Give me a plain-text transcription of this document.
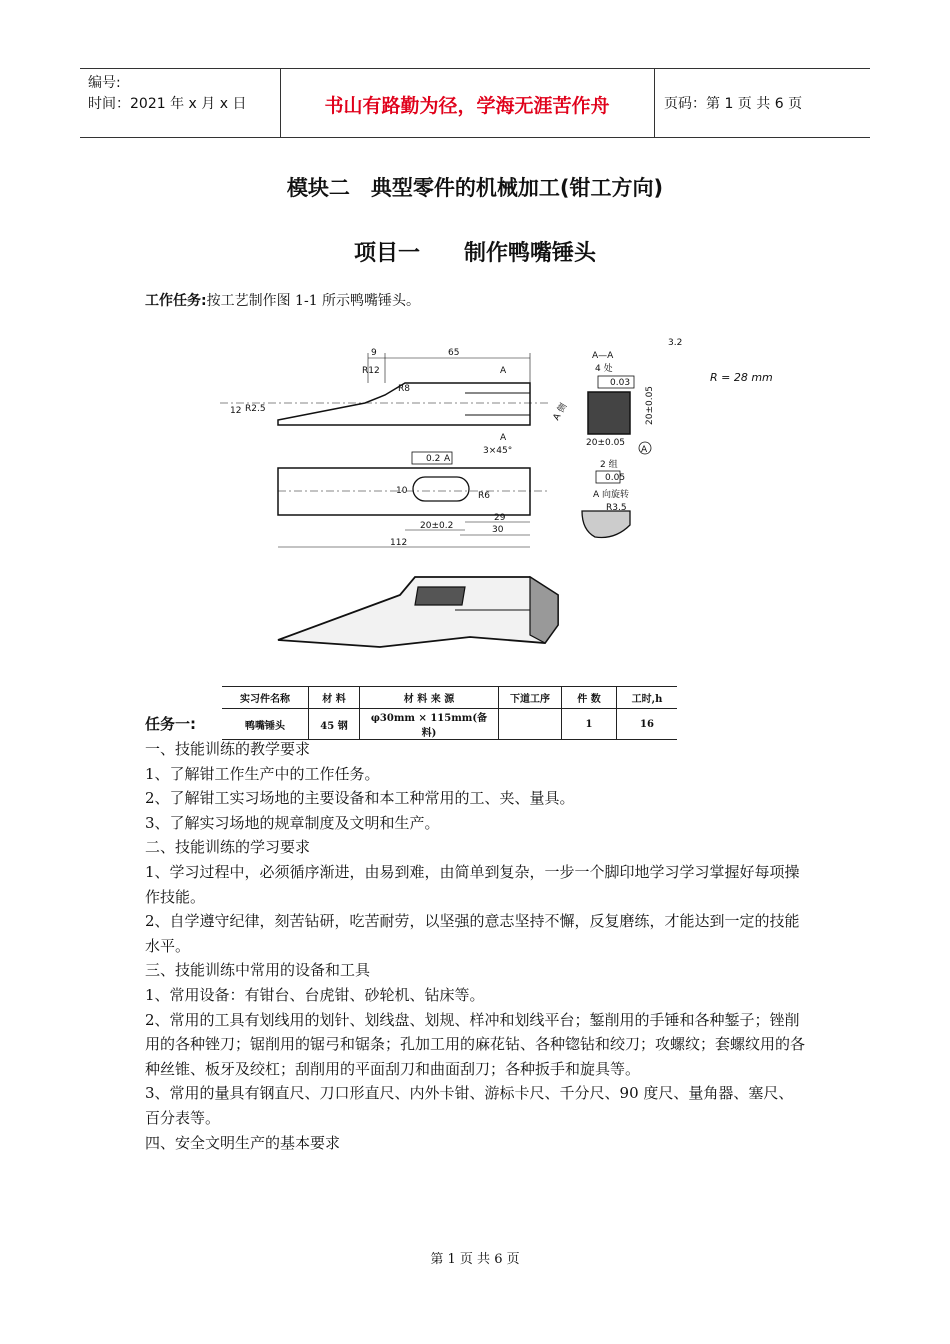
编号:
时间：2021 年 x 月 x 日	书山有路勤为径，学海无涯苦作舟	页码：第 1 页 共 6 页
模块二　典型零件的机械加工(钳工方向)
项目一　　制作鸭嘴锤头
工作任务:按工艺制作图 1-1 所示鸭嘴锤头。
9	65
R12
R8
R2.5
12
A
A
0.2 A
3×45°
10	R6
20±0.2
29
30
112
A—A
4 处
0.03
A 侧	20±0.05
20±0.05
2 组
0.05
A
A 向旋转
R3.5
3.2
R = 28 mm
实习件名称	材 料	材 料 来 源	下道工序	件 数	工时,h
鸭嘴锤头	45 钢	φ30mm × 115mm(备料)		1	16
任务一:

一、技能训练的教学要求

1、了解钳工作生产中的工作任务。

2、了解钳工实习场地的主要设备和本工种常用的工、夹、量具。

3、了解实习场地的规章制度及文明和生产。

二、技能训练的学习要求

1、学习过程中，必须循序渐进，由易到难，由简单到复杂，一步一个脚印地学习学习掌握好每项操作技能。

2、自学遵守纪律，刻苦钻研，吃苦耐劳，以坚强的意志坚持不懈，反复磨练，才能达到一定的技能水平。

三、技能训练中常用的设备和工具

1、常用设备：有钳台、台虎钳、砂轮机、钻床等。

2、常用的工具有划线用的划针、划线盘、划规、样冲和划线平台；錾削用的手锤和各种錾子；锉削用的各种锉刀；锯削用的锯弓和锯条；孔加工用的麻花钻、各种锪钻和绞刀；攻螺纹；套螺纹用的各种丝锥、板牙及绞杠；刮削用的平面刮刀和曲面刮刀；各种扳手和旋具等。

3、常用的量具有钢直尺、刀口形直尺、内外卡钳、游标卡尺、千分尺、90 度尺、量角器、塞尺、百分表等。

四、安全文明生产的基本要求

第 1 页 共 6 页
